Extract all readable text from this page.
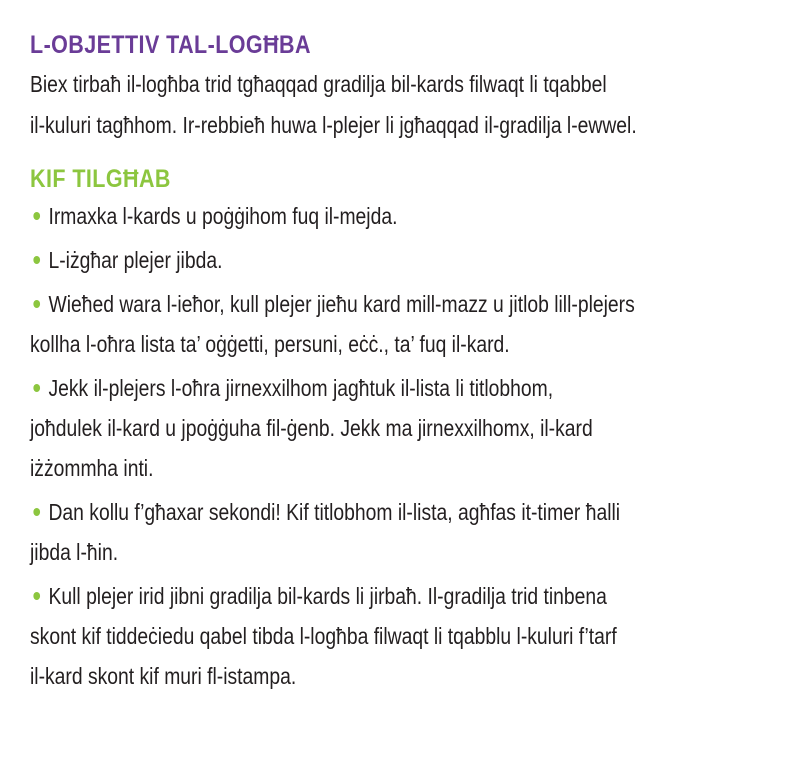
L-OBJETTIV TAL-LOGĦBA
Biex tirbaħ il-logħba trid tgħaqqad gradilja bil-kards filwaqt li tqabbel
il-kuluri tagħhom. Ir-rebbieħ huwa l-plejer li jgħaqqad il-gradilja l-ewwel.
KIF TILGĦAB
Irmaxka l-kards u poġġihom fuq il-mejda.
L-iżgħar plejer jibda.
Wieħed wara l-ieħor, kull plejer jieħu kard mill-mazz u jitlob lill-plejers
kollha l-oħra lista ta’ oġġetti, persuni, eċċ., ta’ fuq il-kard.
Jekk il-plejers l-oħra jirnexxilhom jagħtuk il-lista li titlobhom,
joħdulek il-kard u jpoġġuha fil-ġenb. Jekk ma jirnexxilhomx, il-kard
iżżommha inti.
Dan kollu f’għaxar sekondi! Kif titlobhom il-lista, agħfas it-timer ħalli
jibda l-ħin.
Kull plejer irid jibni gradilja bil-kards li jirbaħ. Il-gradilja trid tinbena
skont kif tiddeċiedu qabel tibda l-logħba filwaqt li tqabblu l-kuluri f’tarf
il-kard skont kif muri fl-istampa.
